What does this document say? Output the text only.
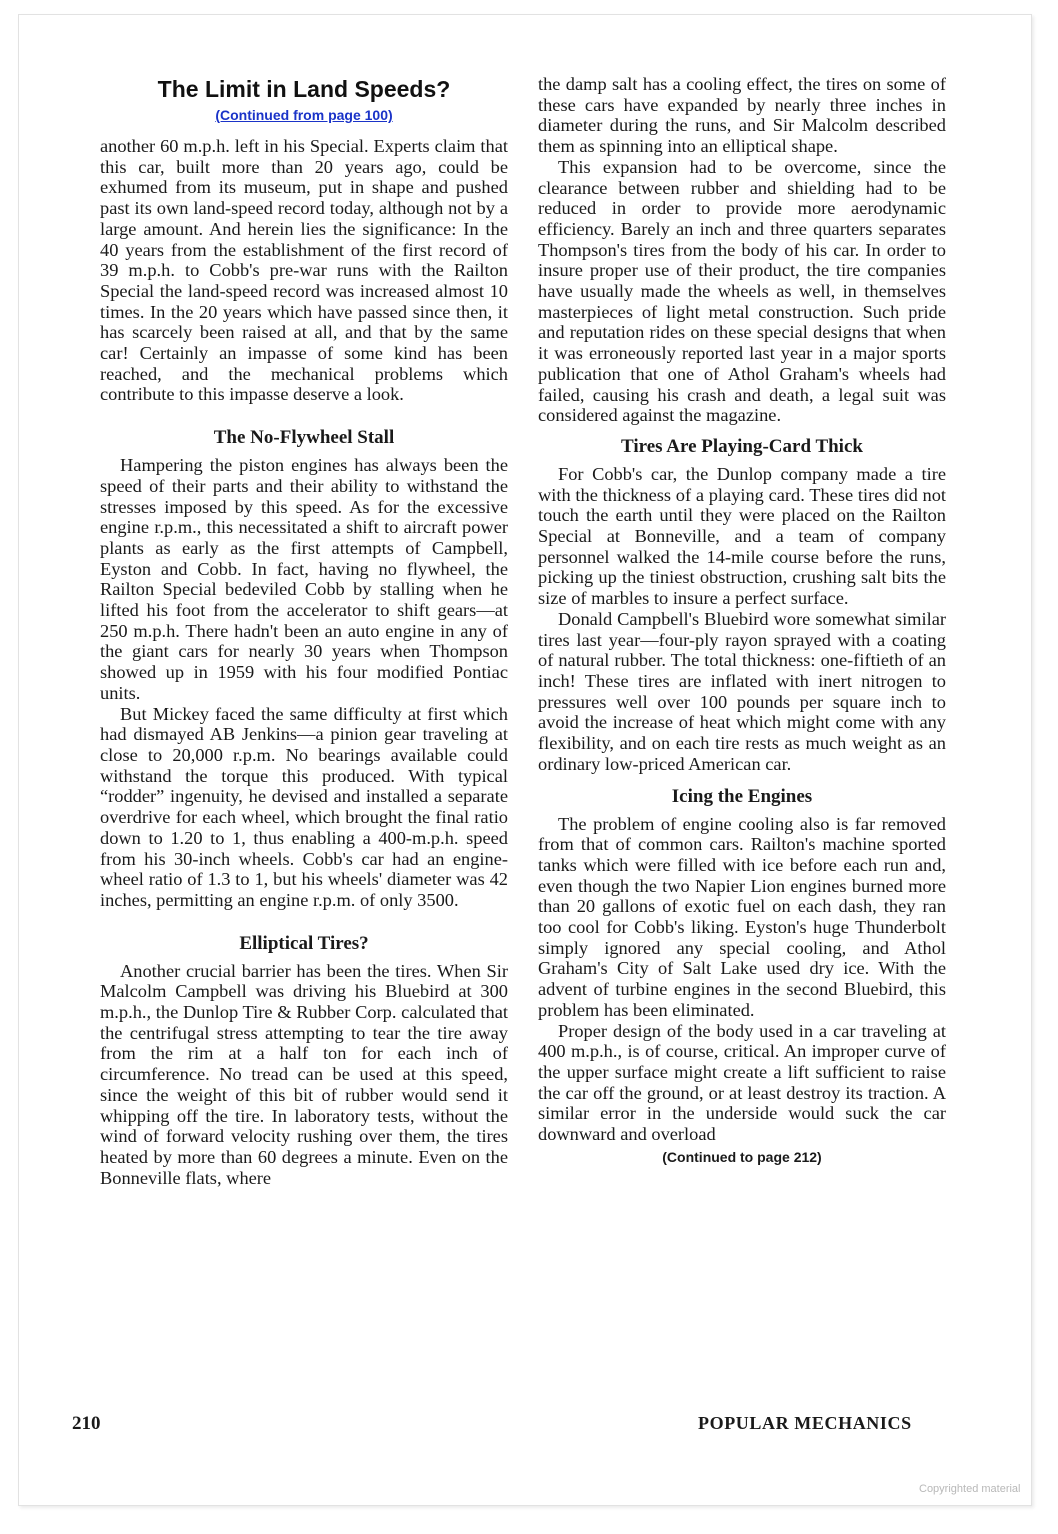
The Limit in Land Speeds?
(Continued from page 100)

another 60 m.p.h. left in his Special. Experts claim that this car, built more than 20 years ago, could be exhumed from its museum, put in shape and pushed past its own land-speed record today, although not by a large amount. And herein lies the significance: In the 40 years from the establishment of the first record of 39 m.p.h. to Cobb's pre-war runs with the Railton Special the land-speed record was increased almost 10 times. In the 20 years which have passed since then, it has scarcely been raised at all, and that by the same car! Certainly an impasse of some kind has been reached, and the mechanical problems which contribute to this impasse deserve a look.

The No-Flywheel Stall

Hampering the piston engines has always been the speed of their parts and their ability to withstand the stresses imposed by this speed. As for the excessive engine r.p.m., this necessitated a shift to aircraft power plants as early as the first attempts of Campbell, Eyston and Cobb. In fact, having no flywheel, the Railton Special bedeviled Cobb by stalling when he lifted his foot from the accelerator to shift gears—at 250 m.p.h. There hadn't been an auto engine in any of the giant cars for nearly 30 years when Thompson showed up in 1959 with his four modified Pontiac units.

But Mickey faced the same difficulty at first which had dismayed AB Jenkins—a pinion gear traveling at close to 20,000 r.p.m. No bearings available could withstand the torque this produced. With typical “rodder” ingenuity, he devised and installed a separate overdrive for each wheel, which brought the final ratio down to 1.20 to 1, thus enabling a 400-m.p.h. speed from his 30-inch wheels. Cobb's car had an engine-wheel ratio of 1.3 to 1, but his wheels' diameter was 42 inches, permitting an engine r.p.m. of only 3500.

Elliptical Tires?

Another crucial barrier has been the tires. When Sir Malcolm Campbell was driving his Bluebird at 300 m.p.h., the Dunlop Tire & Rubber Corp. calculated that the centrifugal stress attempting to tear the tire away from the rim at a half ton for each inch of circumference. No tread can be used at this speed, since the weight of this bit of rubber would send it whipping off the tire. In laboratory tests, without the wind of forward velocity rushing over them, the tires heated by more than 60 degrees a minute. Even on the Bonneville flats, where

the damp salt has a cooling effect, the tires on some of these cars have expanded by nearly three inches in diameter during the runs, and Sir Malcolm described them as spinning into an elliptical shape.

This expansion had to be overcome, since the clearance between rubber and shielding had to be reduced in order to provide more aerodynamic efficiency. Barely an inch and three quarters separates Thompson's tires from the body of his car. In order to insure proper use of their product, the tire companies have usually made the wheels as well, in themselves masterpieces of light metal construction. Such pride and reputation rides on these special designs that when it was erroneously reported last year in a major sports publication that one of Athol Graham's wheels had failed, causing his crash and death, a legal suit was considered against the magazine.

Tires Are Playing-Card Thick

For Cobb's car, the Dunlop company made a tire with the thickness of a playing card. These tires did not touch the earth until they were placed on the Railton Special at Bonneville, and a team of company personnel walked the 14-mile course before the runs, picking up the tiniest obstruction, crushing salt bits the size of marbles to insure a perfect surface.

Donald Campbell's Bluebird wore somewhat similar tires last year—four-ply rayon sprayed with a coating of natural rubber. The total thickness: one-fiftieth of an inch! These tires are inflated with inert nitrogen to pressures well over 100 pounds per square inch to avoid the increase of heat which might come with any flexibility, and on each tire rests as much weight as an ordinary low-priced American car.

Icing the Engines

The problem of engine cooling also is far removed from that of common cars. Railton's machine sported tanks which were filled with ice before each run and, even though the two Napier Lion engines burned more than 20 gallons of exotic fuel on each dash, they ran too cool for Cobb's liking. Eyston's huge Thunderbolt simply ignored any special cooling, and Athol Graham's City of Salt Lake used dry ice. With the advent of turbine engines in the second Bluebird, this problem has been eliminated.

Proper design of the body used in a car traveling at 400 m.p.h., is of course, critical. An improper curve of the upper surface might create a lift sufficient to raise the car off the ground, or at least destroy its traction. A similar error in the underside would suck the car downward and overload

(Continued to page 212)
210	POPULAR MECHANICS
Copyrighted material
